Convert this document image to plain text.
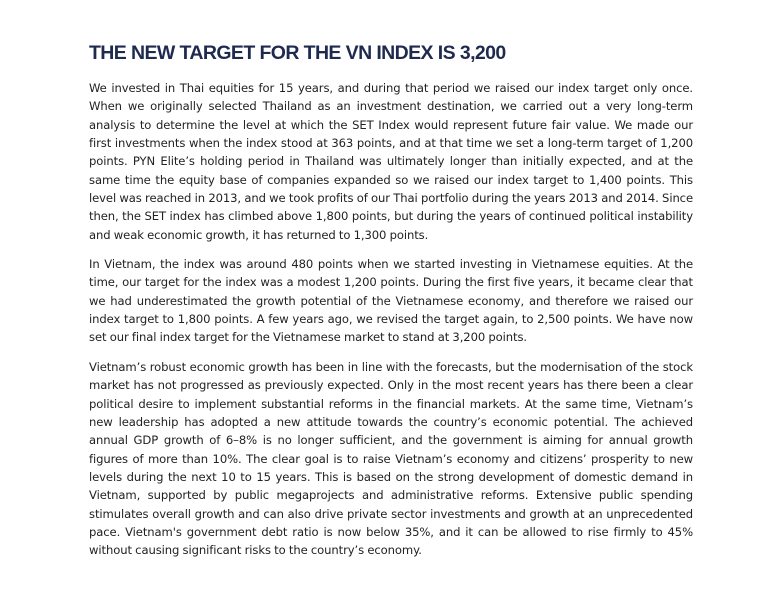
THE NEW TARGET FOR THE VN INDEX IS 3,200

We invested in Thai equities for 15 years, and during that period we raised our index target only once. When we originally selected Thailand as an investment destination, we carried out a very long-term analysis to determine the level at which the SET Index would represent future fair value. We made our first investments when the index stood at 363 points, and at that time we set a long-term target of 1,200 points. PYN Elite’s holding period in Thailand was ultimately longer than initially expected, and at the same time the equity base of companies expanded so we raised our index target to 1,400 points. This level was reached in 2013, and we took profits of our Thai portfolio during the years 2013 and 2014. Since then, the SET index has climbed above 1,800 points, but during the years of continued political instability and weak economic growth, it has returned to 1,300 points.

In Vietnam, the index was around 480 points when we started investing in Vietnamese equities. At the time, our target for the index was a modest 1,200 points. During the first five years, it became clear that we had underestimated the growth potential of the Vietnamese economy, and therefore we raised our index target to 1,800 points. A few years ago, we revised the target again, to 2,500 points. We have now set our final index target for the Vietnamese market to stand at 3,200 points.

Vietnam’s robust economic growth has been in line with the forecasts, but the modernisation of the stock market has not progressed as previously expected. Only in the most recent years has there been a clear political desire to implement substantial reforms in the financial markets. At the same time, Vietnam’s new leadership has adopted a new attitude towards the country’s economic potential. The achieved annual GDP growth of 6–8% is no longer sufficient, and the government is aiming for annual growth figures of more than 10%. The clear goal is to raise Vietnam’s economy and citizens’ prosperity to new levels during the next 10 to 15 years. This is based on the strong development of domestic demand in Vietnam, supported by public megaprojects and administrative reforms. Extensive public spending stimulates overall growth and can also drive private sector investments and growth at an unprecedented pace. Vietnam's government debt ratio is now below 35%, and it can be allowed to rise firmly to 45% without causing significant risks to the country’s economy.
